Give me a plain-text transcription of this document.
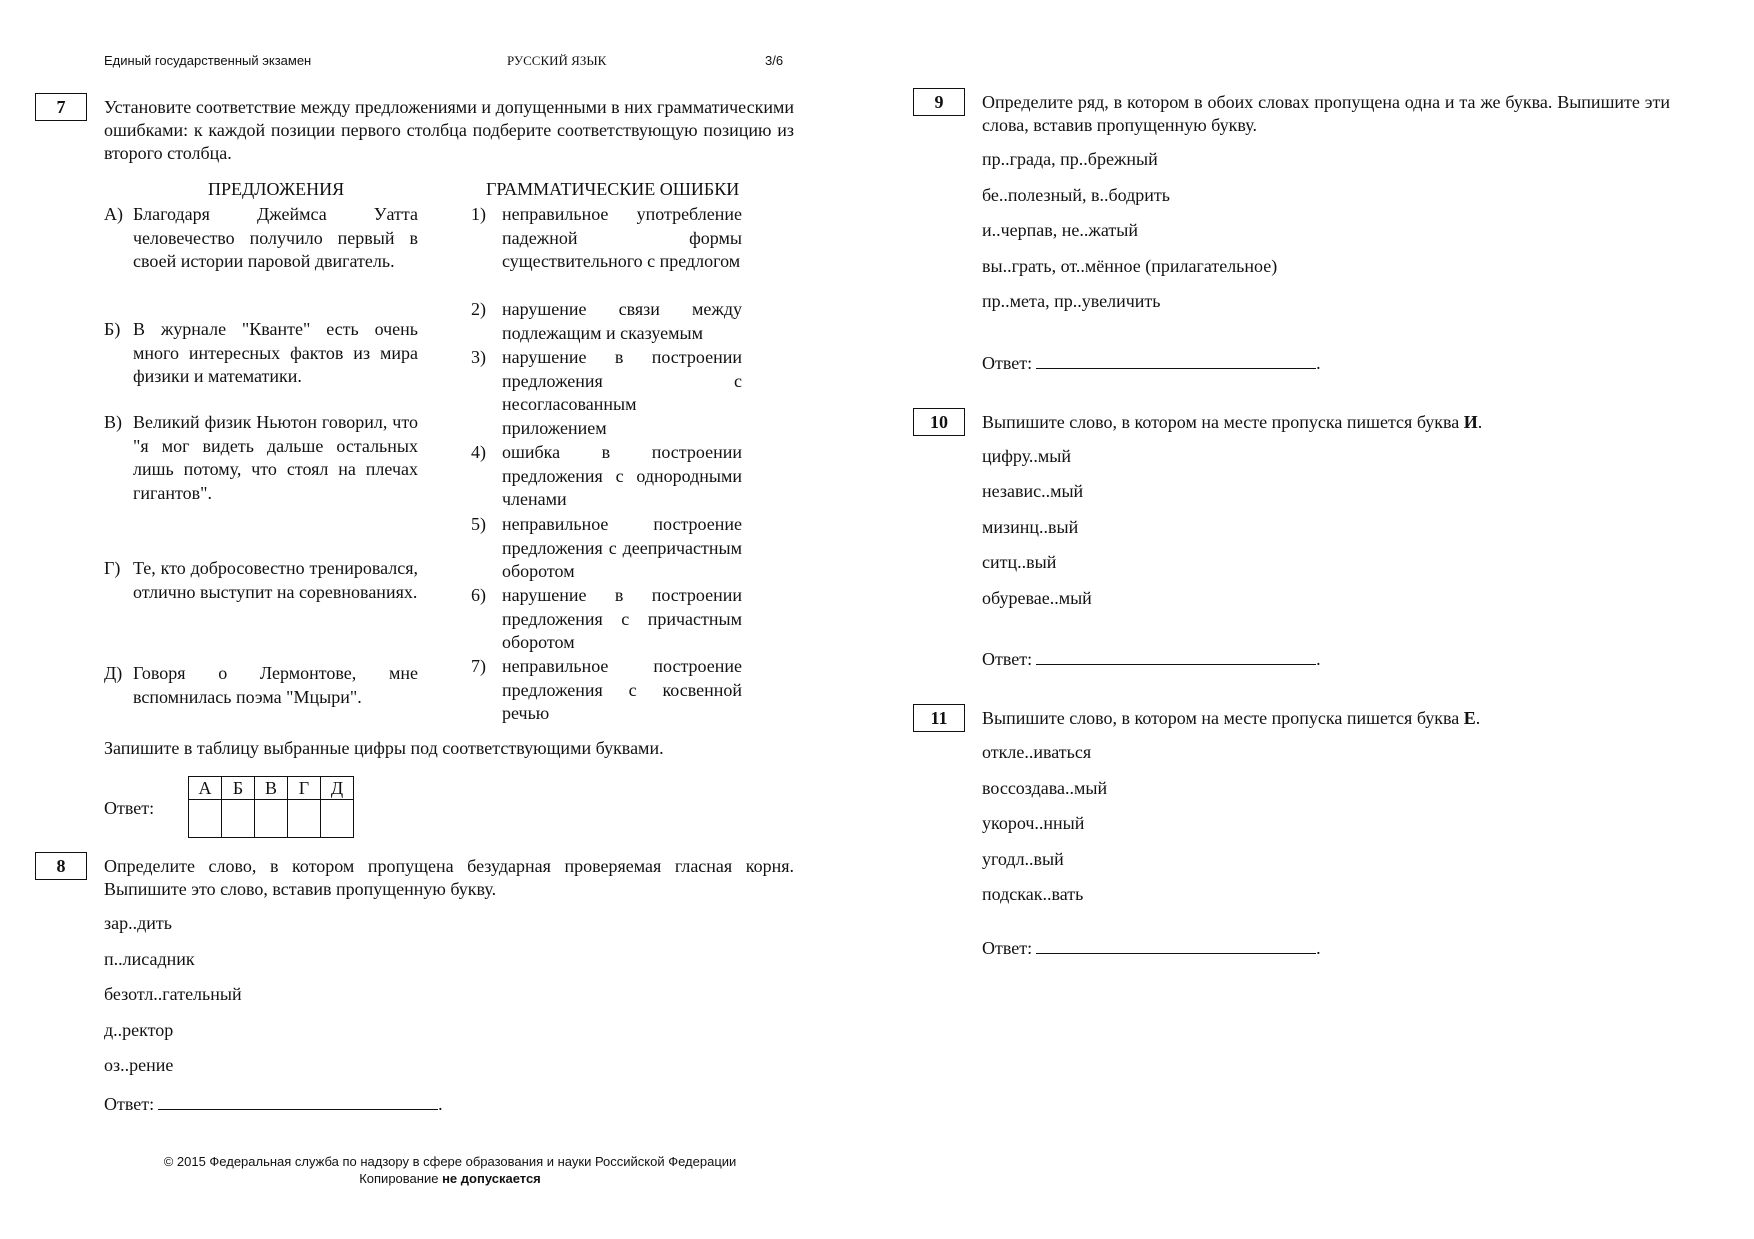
Единый государственный экзамен	РУССКИЙ ЯЗЫК	3/6
7	Установите соответствие между предложениями и допущенными в них грамматическими ошибками: к каждой позиции первого столбца подберите соответствующую позицию из второго столбца.
ПРЕДЛОЖЕНИЯ	ГРАММАТИЧЕСКИЕ ОШИБКИ
А) Благодаря Джеймса Уатта человечество получило первый в своей истории паровой двигатель.
Б) В журнале "Кванте" есть очень много интересных фактов из мира физики и математики.
В) Великий физик Ньютон говорил, что "я мог видеть дальше остальных лишь потому, что стоял на плечах гигантов".
Г) Те, кто добросовестно тренировался, отлично выступит на соревнованиях.
Д) Говоря о Лермонтове, мне вспомнилась поэма "Мцыри".
1) неправильное употребление падежной формы существительного с предлогом
2) нарушение связи между подлежащим и сказуемым
3) нарушение в построении предложения с несогласованным приложением
4) ошибка в построении предложения с однородными членами
5) неправильное построение предложения с деепричастным оборотом
6) нарушение в построении предложения с причастным оборотом
7) неправильное построение предложения с косвенной речью
Запишите в таблицу выбранные цифры под соответствующими буквами.
Ответ:
А	Б	В	Г	Д

8	Определите слово, в котором пропущена безударная проверяемая гласная корня. Выпишите это слово, вставив пропущенную букву.
зар..дить
п..лисадник
безотл..гательный
д..ректор
оз..рение
Ответ:	.
© 2015 Федеральная служба по надзору в сфере образования и науки Российской Федерации
Копирование не допускается
9	Определите ряд, в котором в обоих словах пропущена одна и та же буква. Выпишите эти слова, вставив пропущенную букву.
пр..града, пр..брежный
бе..полезный, в..бодрить
и..черпав, не..жатый
вы..грать, от..мённое (прилагательное)
пр..мета, пр..увеличить
Ответ:	.
10	Выпишите слово, в котором на месте пропуска пишется буква И.
цифру..мый
независ..мый
мизинц..вый
ситц..вый
обуревае..мый
Ответ:	.
11	Выпишите слово, в котором на месте пропуска пишется буква Е.
откле..иваться
воссоздава..мый
укороч..нный
угодл..вый
подскак..вать
Ответ:	.
